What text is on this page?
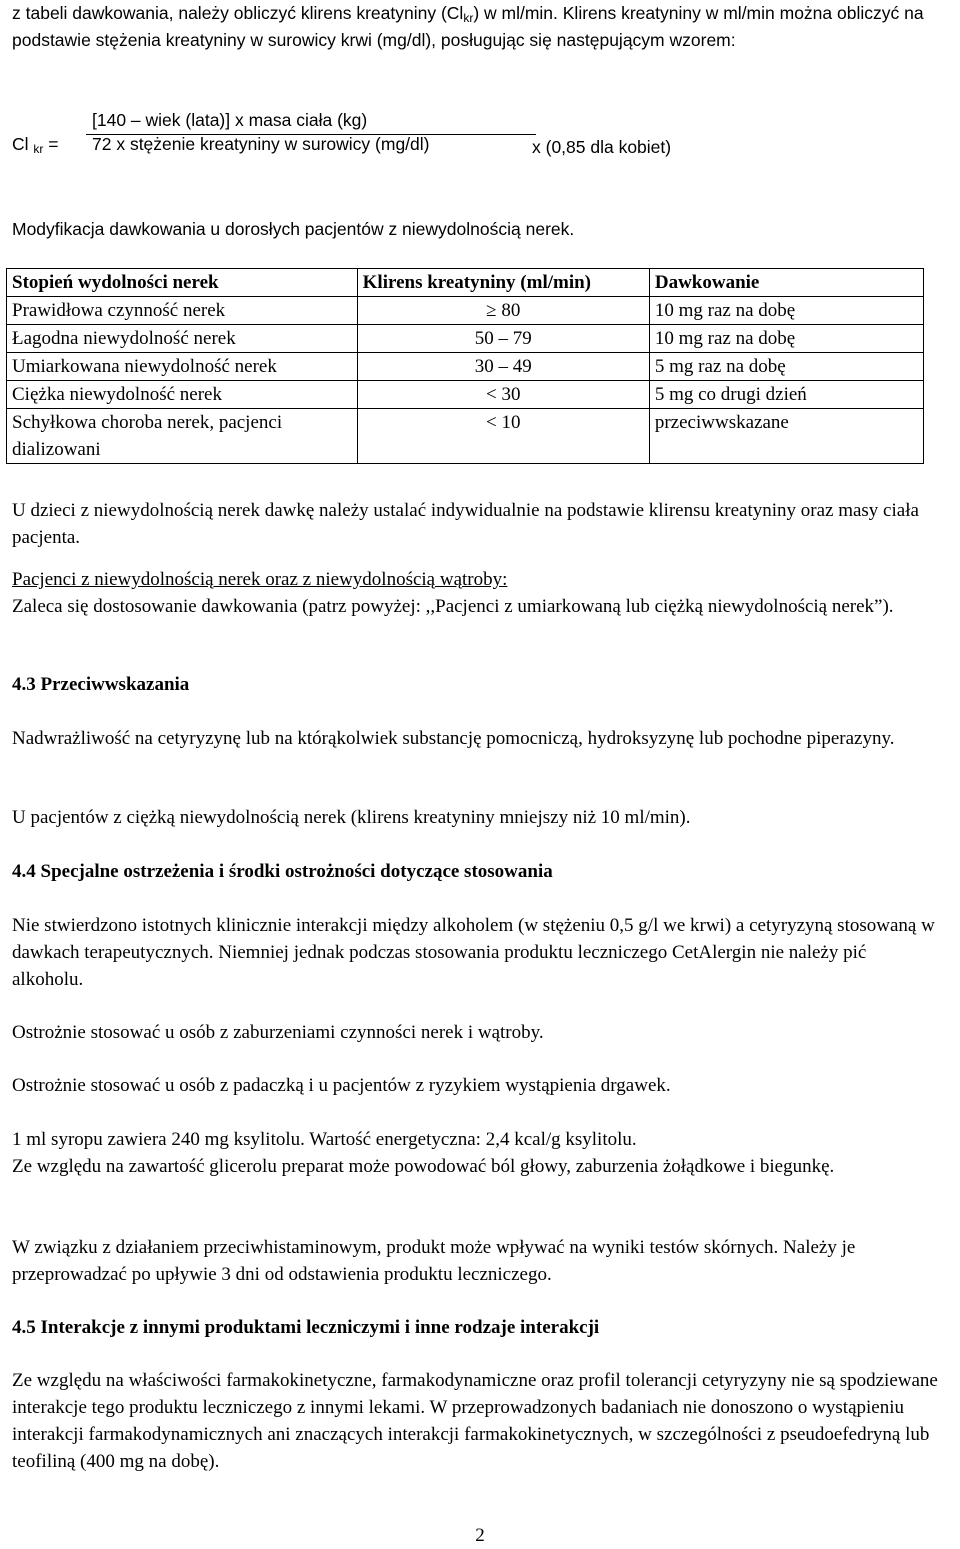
z tabeli dawkowania, należy obliczyć klirens kreatyniny $(Cl_{kr})$ w ml/min. Klirens kreatyniny w ml/min można obliczyć na podstawie stężenia kreatyniny w surowicy krwi (mg/dl), posługując się następującym wzorem:

[140 – wiek (lata)] x masa ciała (kg)
Cl $_{kr}$ = 72 x stężenie kreatyniny w surowicy (mg/dl)	x (0,85 dla kobiet)

Modyfikacja dawkowania u dorosłych pacjentów z niewydolnością nerek.

Stopień wydolności nerek	Klirens kreatyniny (ml/min)	Dawkowanie
Prawidłowa czynność nerek	≥ 80	10 mg raz na dobę
Łagodna niewydolność nerek	50 – 79	10 mg raz na dobę
Umiarkowana niewydolność nerek	30 – 49	5 mg raz na dobę
Ciężka niewydolność nerek	< 30	5 mg co drugi dzień
Schyłkowa choroba nerek, pacjenci dializowani	< 10	przeciwwskazane

U dzieci z niewydolnością nerek dawkę należy ustalać indywidualnie na podstawie klirensu kreatyniny oraz masy ciała pacjenta.

Pacjenci z niewydolnością nerek oraz z niewydolnością wątroby:

Zaleca się dostosowanie dawkowania (patrz powyżej: ,,Pacjenci z umiarkowaną lub ciężką niewydolnością nerek”).

4.3 Przeciwwskazania

Nadwrażliwość na cetyryzynę lub na którąkolwiek substancję pomocniczą, hydroksyzynę lub pochodne piperazyny.

U pacjentów z ciężką niewydolnością nerek (klirens kreatyniny mniejszy niż 10 ml/min).

4.4 Specjalne ostrzeżenia i środki ostrożności dotyczące stosowania

Nie stwierdzono istotnych klinicznie interakcji między alkoholem (w stężeniu 0,5 g/l we krwi) a cetyryzyną stosowaną w dawkach terapeutycznych. Niemniej jednak podczas stosowania produktu leczniczego CetAlergin nie należy pić alkoholu.

Ostrożnie stosować u osób z zaburzeniami czynności nerek i wątroby.

Ostrożnie stosować u osób z padaczką i u pacjentów z ryzykiem wystąpienia drgawek.

1 ml syropu zawiera 240 mg ksylitolu. Wartość energetyczna: 2,4 kcal/g ksylitolu.

Ze względu na zawartość glicerolu preparat może powodować ból głowy, zaburzenia żołądkowe i biegunkę.

W związku z działaniem przeciwhistaminowym, produkt może wpływać na wyniki testów skórnych. Należy je przeprowadzać po upływie 3 dni od odstawienia produktu leczniczego.

4.5 Interakcje z innymi produktami leczniczymi i inne rodzaje interakcji

Ze względu na właściwości farmakokinetyczne, farmakodynamiczne oraz profil tolerancji cetyryzyny nie są spodziewane interakcje tego produktu leczniczego z innymi lekami. W przeprowadzonych badaniach nie donoszono o wystąpieniu interakcji farmakodynamicznych ani znaczących interakcji farmakokinetycznych, w szczególności z pseudoefedryną lub teofiliną (400 mg na dobę).

2
